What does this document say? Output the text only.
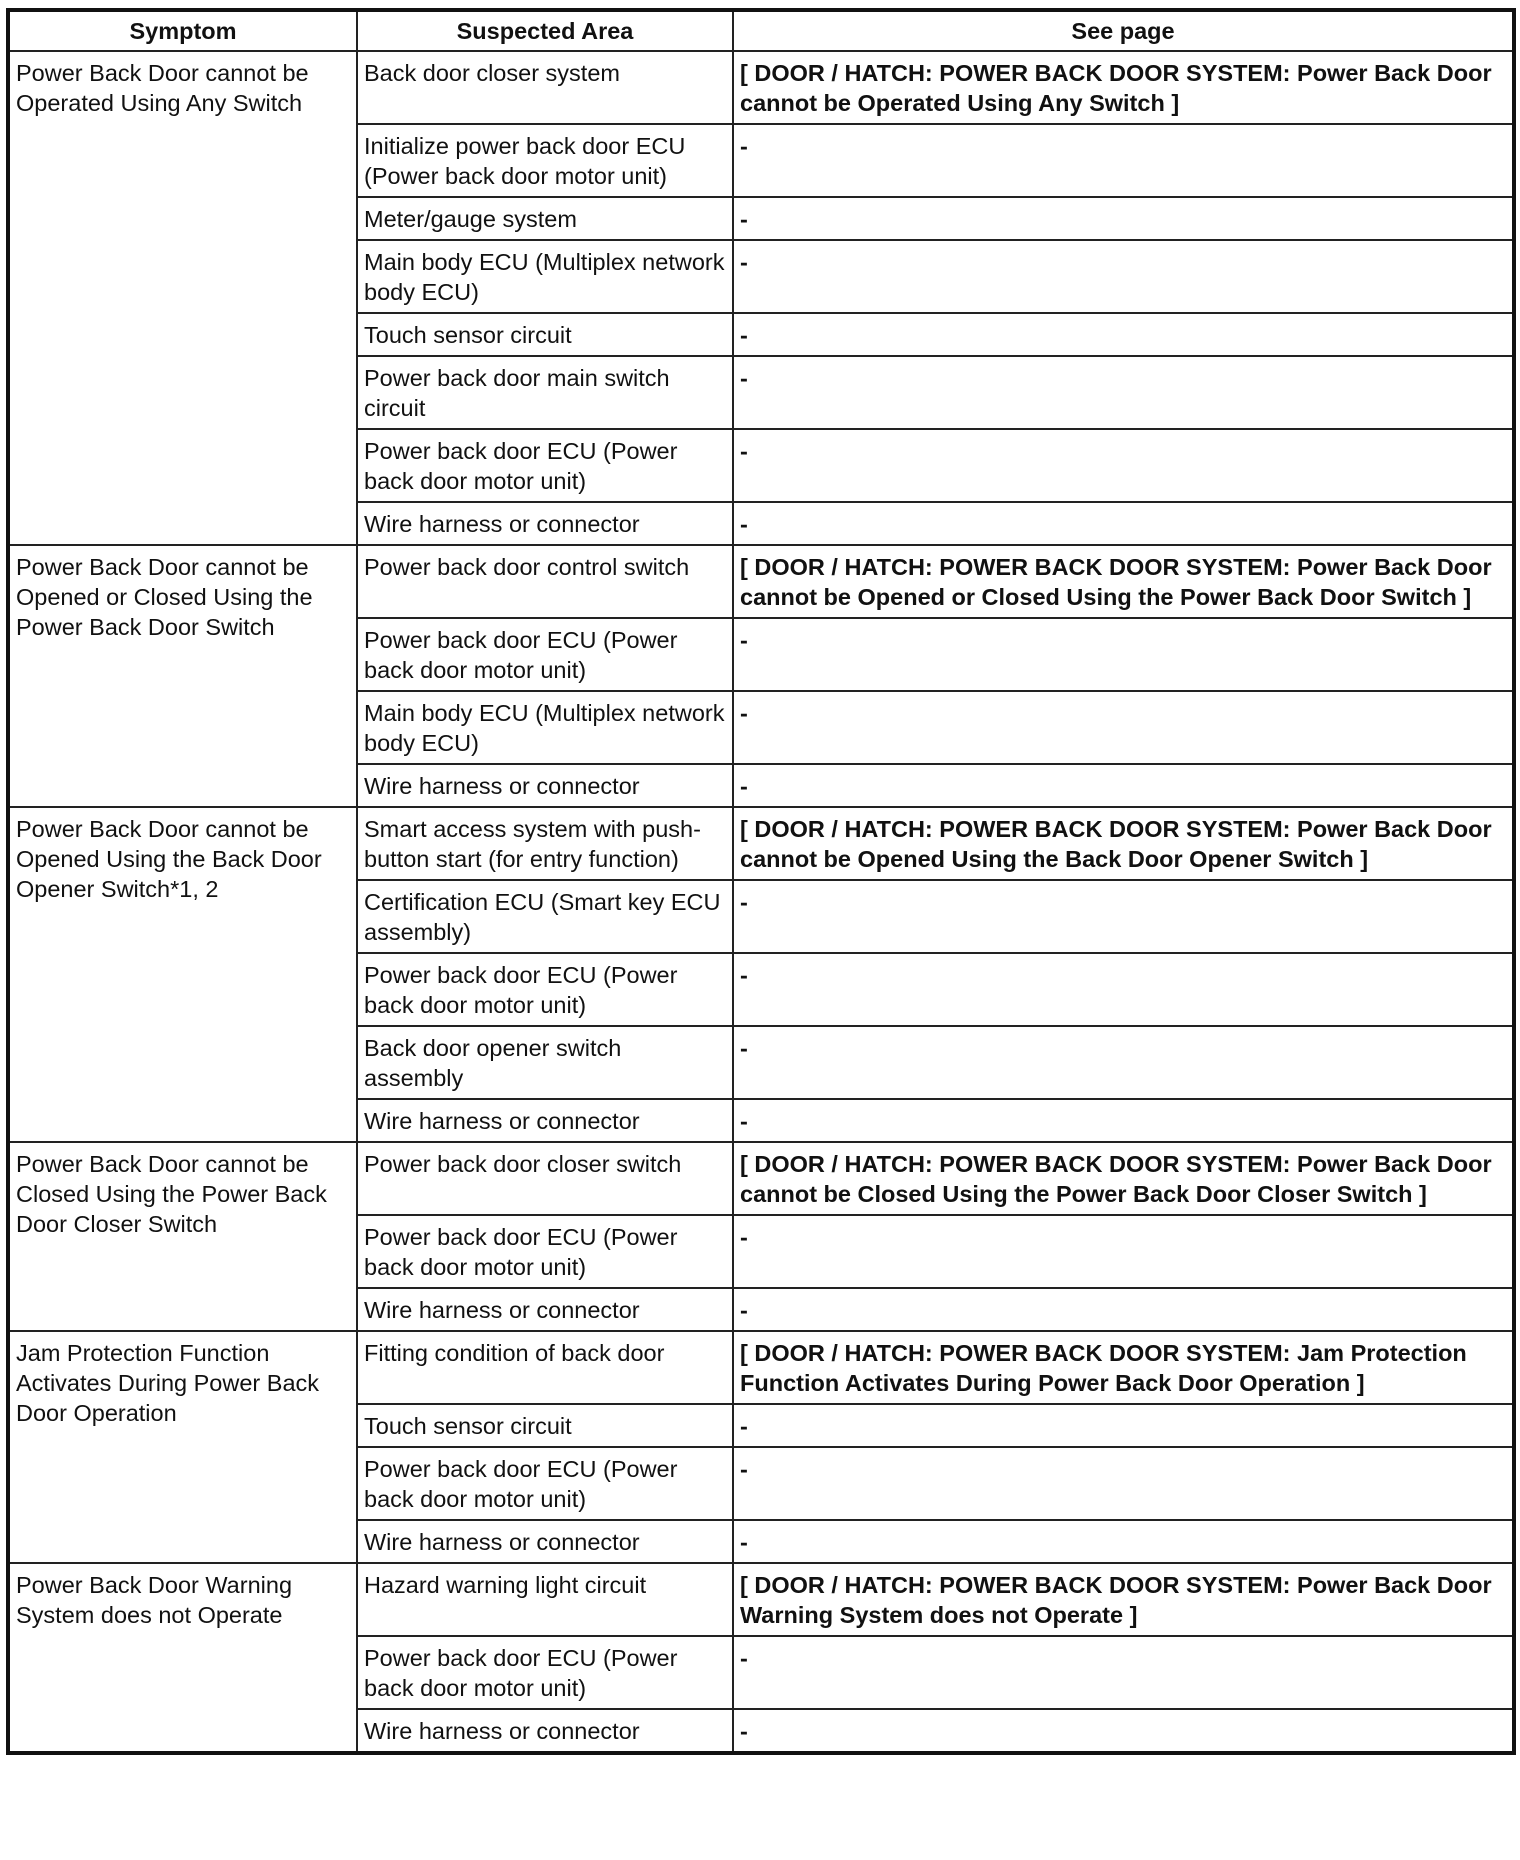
Symptom	Suspected Area	See page
Power Back Door cannot be Operated Using Any Switch	Back door closer system	[ DOOR / HATCH: POWER BACK DOOR SYSTEM: Power Back Door cannot be Operated Using Any Switch ]
	Initialize power back door ECU (Power back door motor unit)	-
	Meter/gauge system	-
	Main body ECU (Multiplex network body ECU)	-
	Touch sensor circuit	-
	Power back door main switch circuit	-
	Power back door ECU (Power back door motor unit)	-
	Wire harness or connector	-
Power Back Door cannot be Opened or Closed Using the Power Back Door Switch	Power back door control switch	[ DOOR / HATCH: POWER BACK DOOR SYSTEM: Power Back Door cannot be Opened or Closed Using the Power Back Door Switch ]
	Power back door ECU (Power back door motor unit)	-
	Main body ECU (Multiplex network body ECU)	-
	Wire harness or connector	-
Power Back Door cannot be Opened Using the Back Door Opener Switch*1, 2	Smart access system with push-button start (for entry function)	[ DOOR / HATCH: POWER BACK DOOR SYSTEM: Power Back Door cannot be Opened Using the Back Door Opener Switch ]
	Certification ECU (Smart key ECU assembly)	-
	Power back door ECU (Power back door motor unit)	-
	Back door opener switch assembly	-
	Wire harness or connector	-
Power Back Door cannot be Closed Using the Power Back Door Closer Switch	Power back door closer switch	[ DOOR / HATCH: POWER BACK DOOR SYSTEM: Power Back Door cannot be Closed Using the Power Back Door Closer Switch ]
	Power back door ECU (Power back door motor unit)	-
	Wire harness or connector	-
Jam Protection Function Activates During Power Back Door Operation	Fitting condition of back door	[ DOOR / HATCH: POWER BACK DOOR SYSTEM: Jam Protection Function Activates During Power Back Door Operation ]
	Touch sensor circuit	-
	Power back door ECU (Power back door motor unit)	-
	Wire harness or connector	-
Power Back Door Warning System does not Operate	Hazard warning light circuit	[ DOOR / HATCH: POWER BACK DOOR SYSTEM: Power Back Door Warning System does not Operate ]
	Power back door ECU (Power back door motor unit)	-
	Wire harness or connector	-
